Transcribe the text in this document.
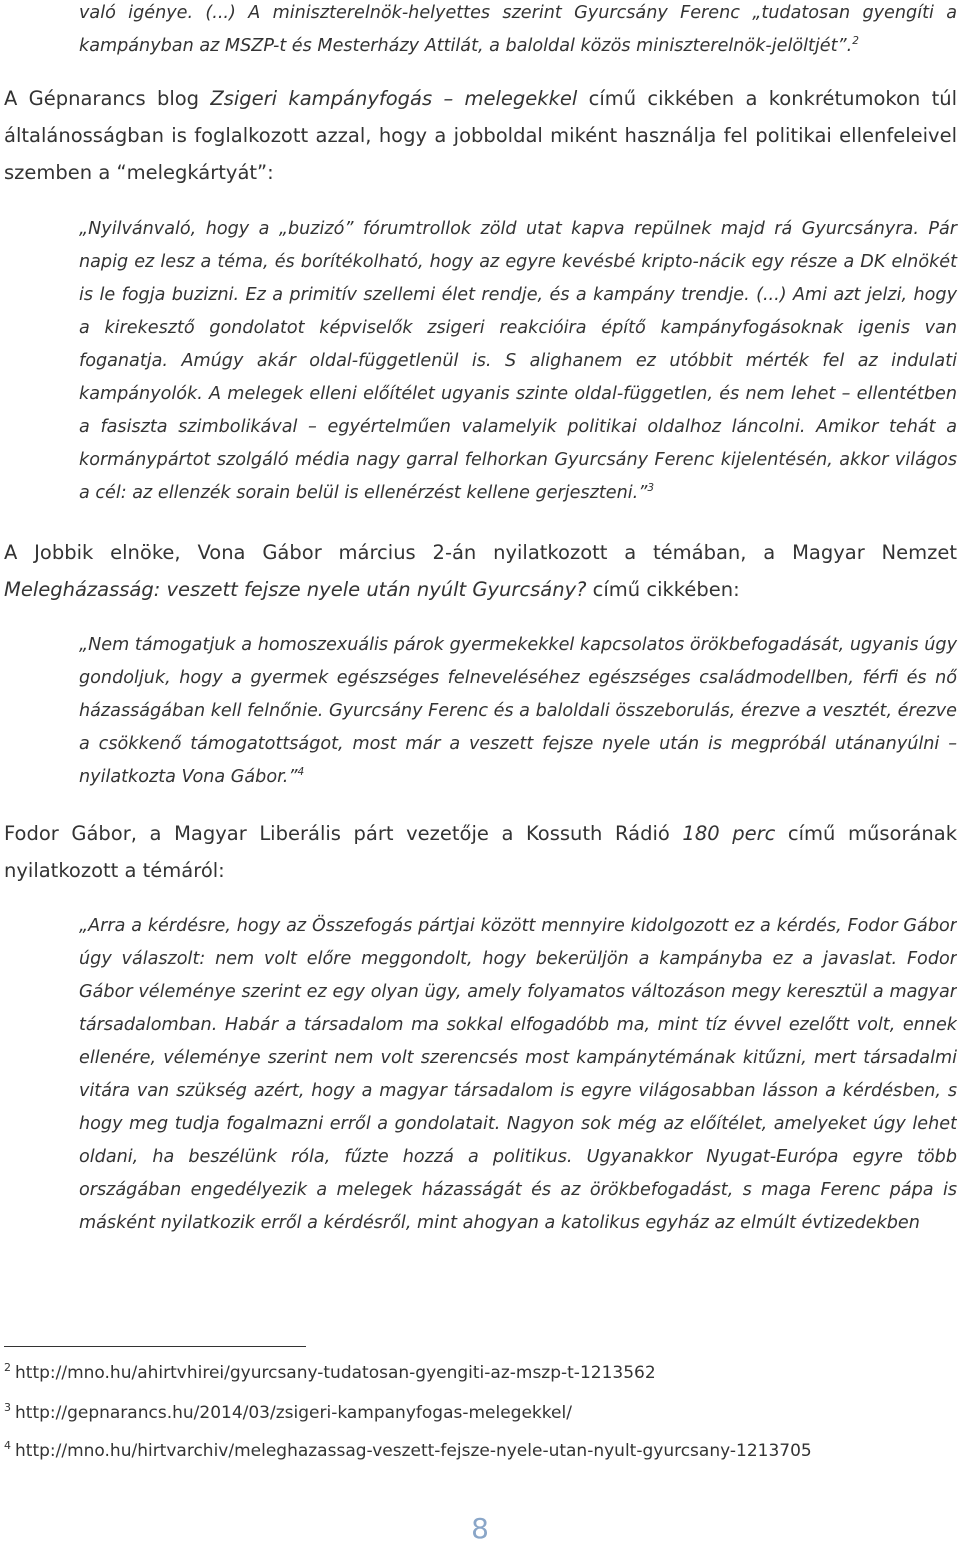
való igénye. (...) A miniszterelnök-helyettes szerint Gyurcsány Ferenc „tudatosan gyengíti a kampányban az MSZP-t és Mesterházy Attilát, a baloldal közös miniszterelnök-jelöltjét”.$^2$

A Gépnarancs blog Zsigeri kampányfogás – melegekkel című cikkében a konkrétumokon túl általánosságban is foglalkozott azzal, hogy a jobboldal miként használja fel politikai ellenfeleivel szemben a “melegkártyát”:

„Nyilvánvaló, hogy a „buzizó” fórumtrollok zöld utat kapva repülnek majd rá Gyurcsányra. Pár napig ez lesz a téma, és borítékolható, hogy az egyre kevésbé kripto-nácik egy része a DK elnökét is le fogja buzizni. Ez a primitív szellemi élet rendje, és a kampány trendje. (...) Ami azt jelzi, hogy a kirekesztő gondolatot képviselők zsigeri reakcióira építő kampányfogásoknak igenis van foganatja. Amúgy akár oldal-függetlenül is. S alighanem ez utóbbit mérték fel az indulati kampányolók. A melegek elleni előítélet ugyanis szinte oldal-független, és nem lehet – ellentétben a fasiszta szimbolikával – egyértelműen valamelyik politikai oldalhoz láncolni. Amikor tehát a kormánypártot szolgáló média nagy garral felhorkan Gyurcsány Ferenc kijelentésén, akkor világos a cél: az ellenzék sorain belül is ellenérzést kellene gerjeszteni.”$^3$

A Jobbik elnöke, Vona Gábor március 2-án nyilatkozott a témában, a Magyar Nemzet Melegházasság: veszett fejsze nyele után nyúlt Gyurcsány? című cikkében:

„Nem támogatjuk a homoszexuális párok gyermekekkel kapcsolatos örökbefogadását, ugyanis úgy gondoljuk, hogy a gyermek egészséges felneveléséhez egészséges családmodellben, férfi és nő házasságában kell felnőnie. Gyurcsány Ferenc és a baloldali összeborulás, érezve a vesztét, érezve a csökkenő támogatottságot, most már a veszett fejsze nyele után is megpróbál utánanyúlni – nyilatkozta Vona Gábor.”$^4$

Fodor Gábor, a Magyar Liberális párt vezetője a Kossuth Rádió 180 perc című műsorának nyilatkozott a témáról:

„Arra a kérdésre, hogy az Összefogás pártjai között mennyire kidolgozott ez a kérdés, Fodor Gábor úgy válaszolt: nem volt előre meggondolt, hogy bekerüljön a kampányba ez a javaslat. Fodor Gábor véleménye szerint ez egy olyan ügy, amely folyamatos változáson megy keresztül a magyar társadalomban. Habár a társadalom ma sokkal elfogadóbb ma, mint tíz évvel ezelőtt volt, ennek ellenére, véleménye szerint nem volt szerencsés most kampánytémának kitűzni, mert társadalmi vitára van szükség azért, hogy a magyar társadalom is egyre világosabban lásson a kérdésben, s hogy meg tudja fogalmazni erről a gondolatait. Nagyon sok még az előítélet, amelyeket úgy lehet oldani, ha beszélünk róla, fűzte hozzá a politikus. Ugyanakkor Nyugat-Európa egyre több országában engedélyezik a melegek házasságát és az örökbefogadást, s maga Ferenc pápa is másként nyilatkozik erről a kérdésről, mint ahogyan a katolikus egyház az elmúlt évtizedekben

$^2$ http://mno.hu/ahirtvhirei/gyurcsany-tudatosan-gyengiti-az-mszp-t-1213562
$^3$ http://gepnarancs.hu/2014/03/zsigeri-kampanyfogas-melegekkel/
$^4$ http://mno.hu/hirtvarchiv/meleghazassag-veszett-fejsze-nyele-utan-nyult-gyurcsany-1213705
8
